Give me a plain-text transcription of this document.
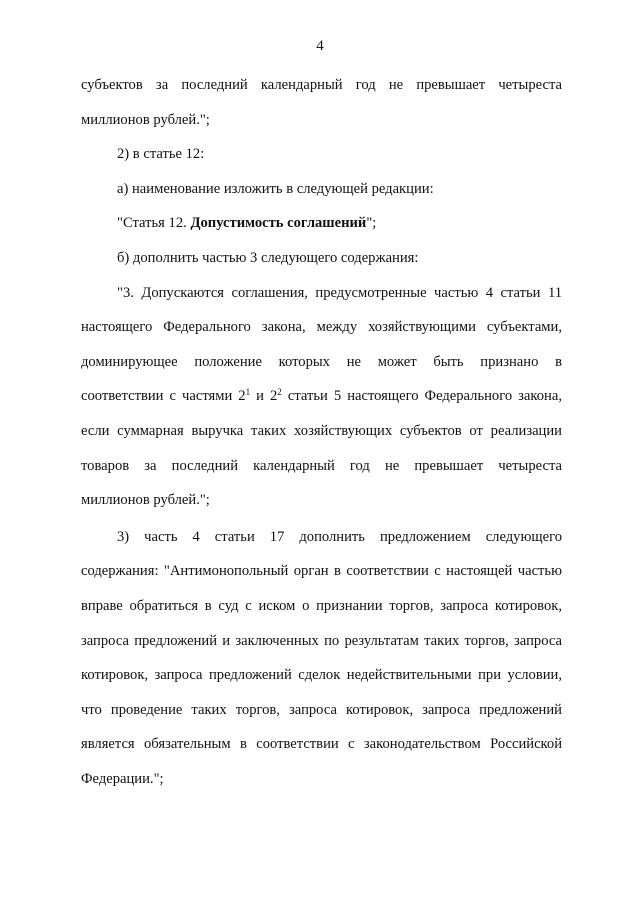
4

субъектов за последний календарный год не превышает четыреста
миллионов рублей.";

2) в статье 12:

а) наименование изложить в следующей редакции:

"Статья 12. Допустимость соглашений";

б) дополнить частью 3 следующего содержания:

"3. Допускаются соглашения, предусмотренные частью 4 статьи 11
настоящего Федерального закона, между хозяйствующими субъектами,
доминирующее положение которых не может быть признано в
соответствии с частями $2^1$ и $2^2$ статьи 5 настоящего Федерального закона,
если суммарная выручка таких хозяйствующих субъектов от реализации
товаров за последний календарный год не превышает четыреста
миллионов рублей.";

3) часть 4 статьи 17 дополнить предложением следующего
содержания: "Антимонопольный орган в соответствии с настоящей частью
вправе обратиться в суд с иском о признании торгов, запроса котировок,
запроса предложений и заключенных по результатам таких торгов, запроса
котировок, запроса предложений сделок недействительными при условии,
что проведение таких торгов, запроса котировок, запроса предложений
является обязательным в соответствии с законодательством Российской
Федерации.";
